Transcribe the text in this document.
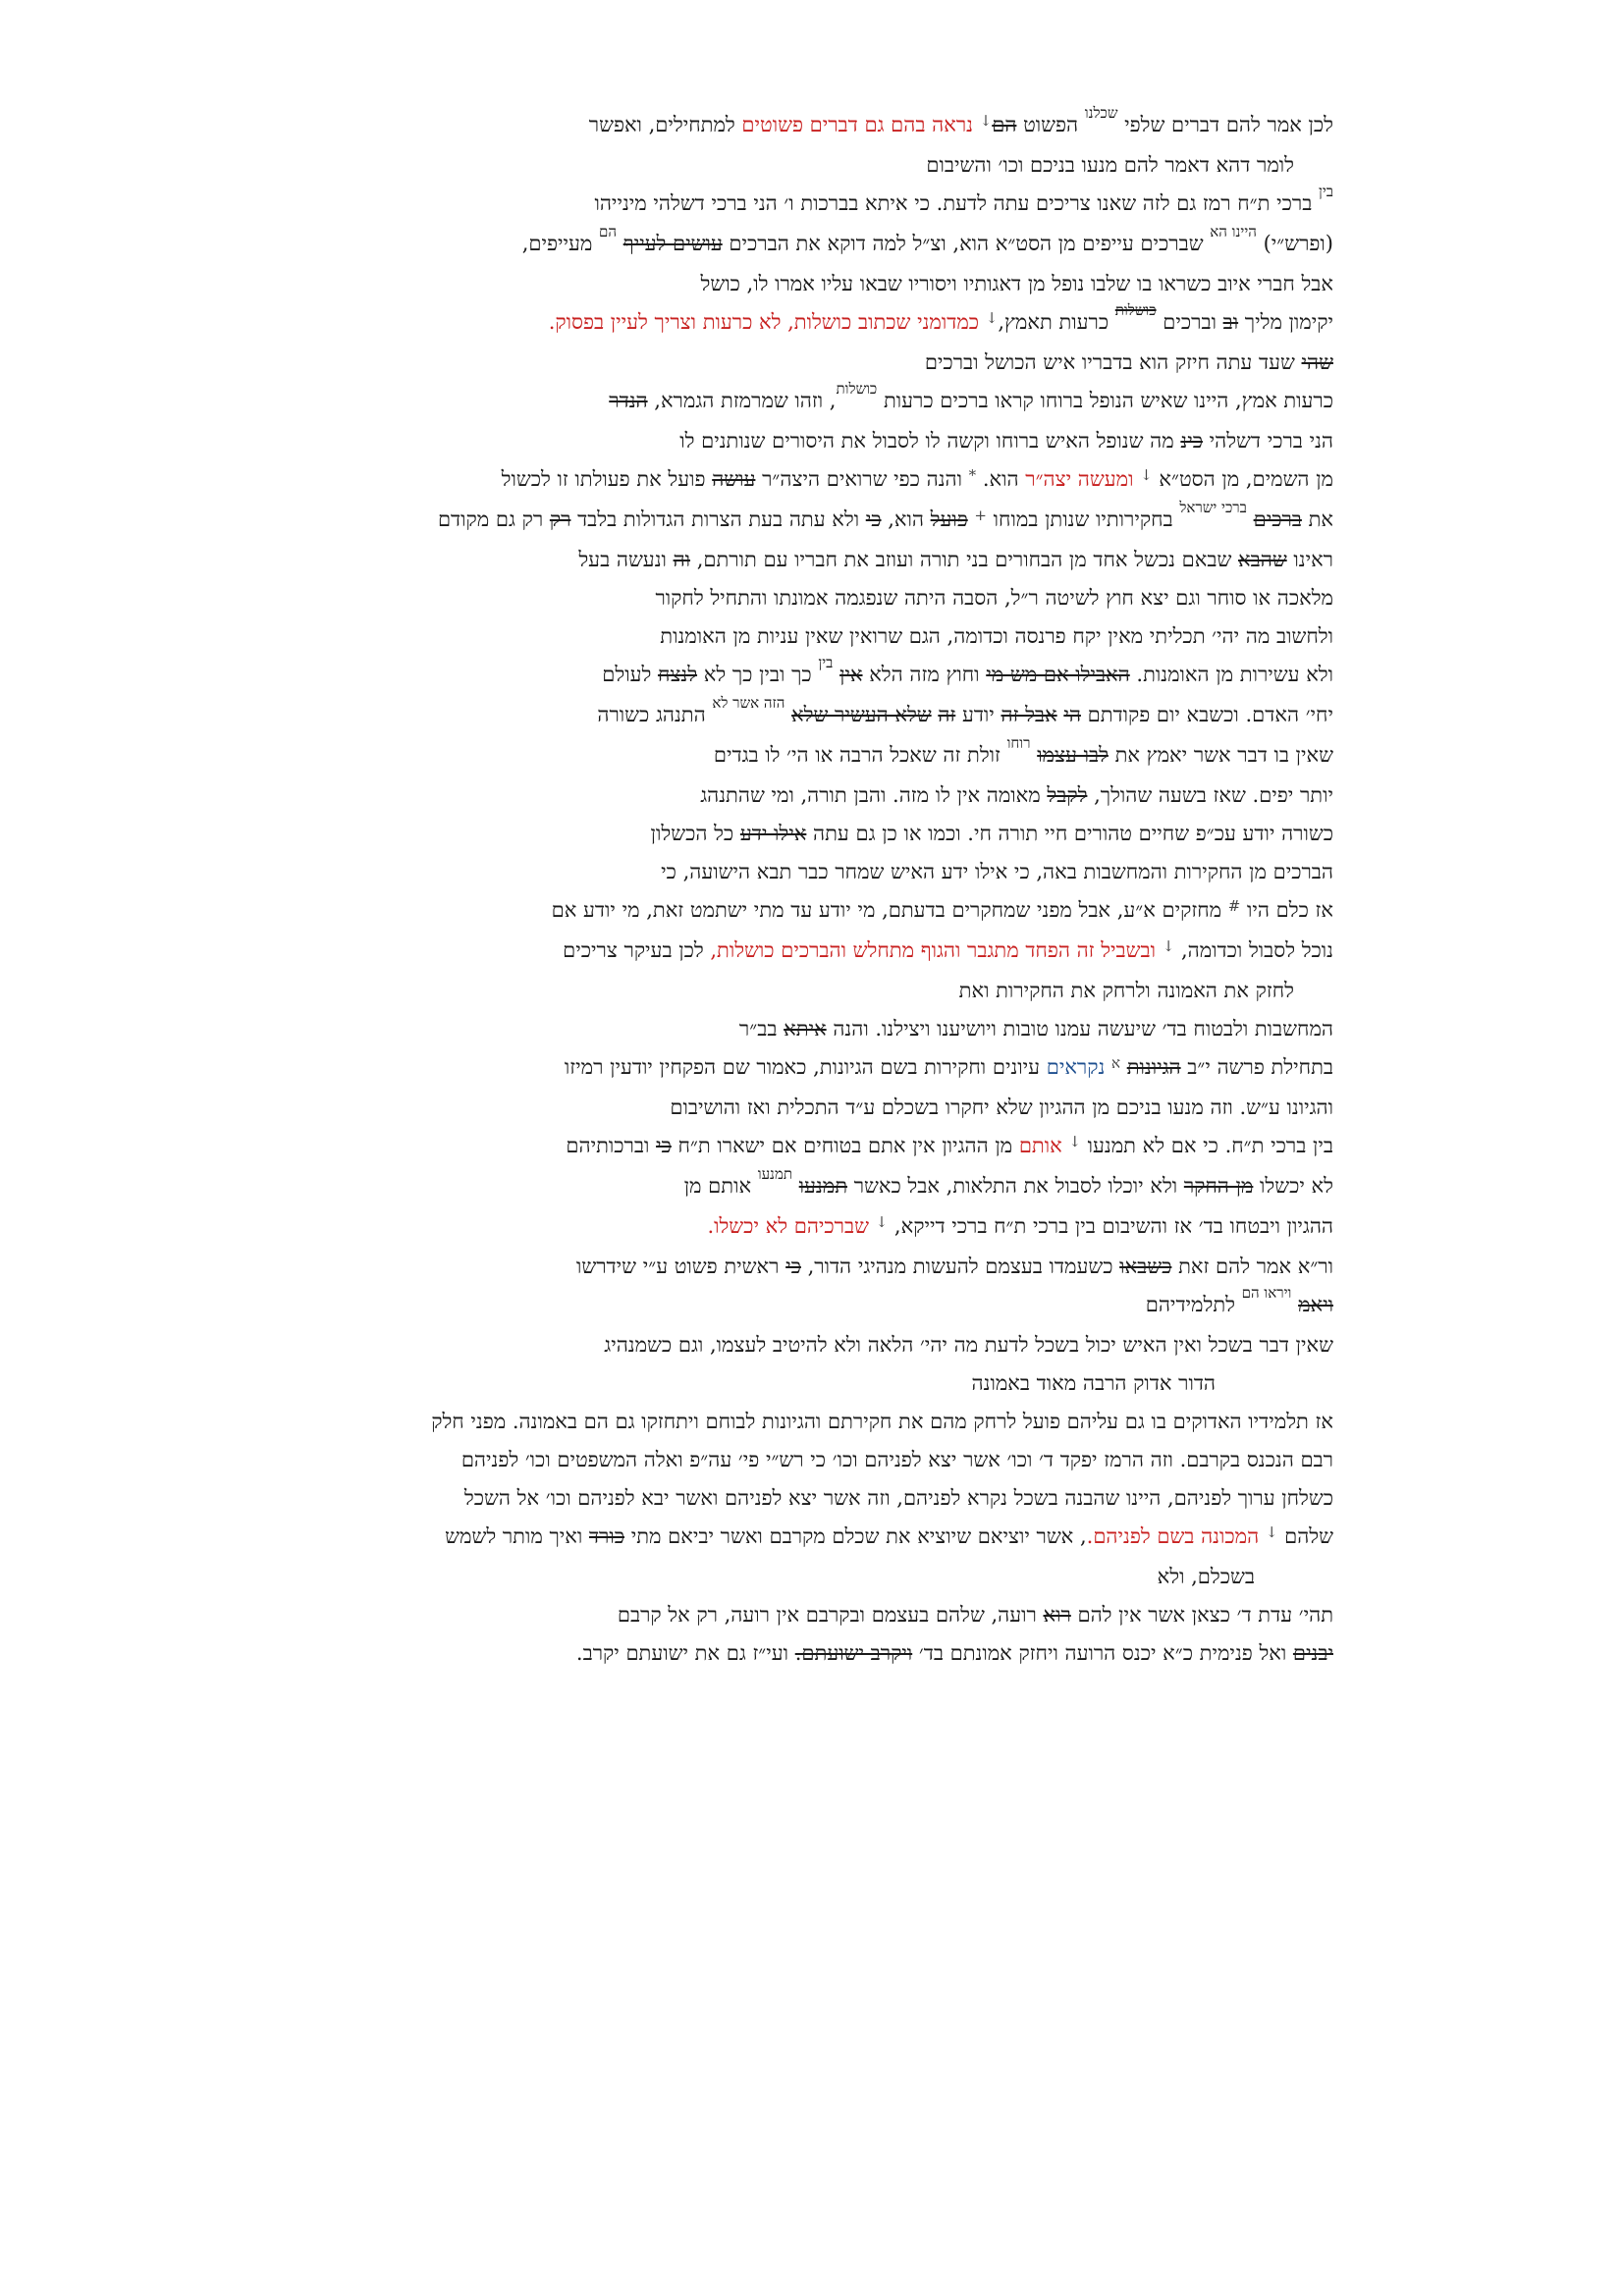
לכן אמר להם דברים שלפי $^{שכלנו}$ הפשוט הם↓ נראה בהם גם דברים פשוטים למתחילים, ואפשר
לומר דהא דאמר להם מנעו בניכם וכו׳ והשיבום
$^{בין}$ ברכי ת״ח רמז גם לזה שאנו צריכים עתה לדעת. כי איתא בברכות ו׳ הני ברכי דשלהי מינייהו
(ופרש״י) $^{היינו הא}$ שברכים עייפים מן הסט״א הוא, וצ״ל למה דוקא את הברכים עושים לעייף $^{הם}$ מעייפים,
אבל חברי איוב כשראו בו שלבו נופל מן דאגותיו ויסוריו שבאו עליו אמרו לו, כושל
יקימון מליך וב וברכים $^{כושלות}$ כרעות תאמץ,↓ כמדומני שכתוב כושלות, לא כרעות וצריך לעיין בפסוק.
שהי שעד עתה חיזק הוא בדבריו איש הכושל וברכים
כרעות אמץ, היינו שאיש הנופל ברוחו קראו ברכים כרעות $^{כושלות}$, וזהו שמרמזת הגמרא, הנדר
הני ברכי דשלהי כינ מה שנופל האיש ברוחו וקשה לו לסבול את היסורים שנותנים לו
מן השמים, מן הסט״א ↓ ומעשה יצה״ר הוא. * והנה כפי שרואים היצה״ר עושה פועל את פעולתו זו לכשול
את ברכים $^{ברכי ישראל}$ בחקירותיו שנותן במוחו + פועל הוא, כי ולא עתה בעת הצרות הגדולות בלבד רק רק גם מקודם
ראינו שהבא שבאם נכשל אחד מן הבחורים בני תורה ועוזב את חבריו עם תורתם, וה ונעשה בעל
מלאכה או סוחר וגם יצא חוץ לשיטה ר״ל, הסבה היתה שנפגמה אמונתו והתחיל לחקור
ולחשוב מה יהי׳ תכליתי מאין יקח פרנסה וכדומה, הגם שרואין שאין עניות מן האומנות
ולא עשירות מן האומנות. האבילו אם מש מי וחוץ מזה הלא אין $^{בין}$ כך ובין כך לא לנצח לעולם
יחי׳ האדם. וכשבא יום פקודתם הי אבל זה יודע זה שלא העשיר שלא $^{הזה אשר לא}$ התנהג כשורה
שאין בו דבר אשר יאמץ את לבו עצמו $^{רוחו}$ זולת זה שאכל הרבה או הי׳ לו בגדים
יותר יפים. שאז בשעה שהולך, לקבל מאומה אין לו מזה. והבן תורה, ומי שהתנהג
כשורה יודע עכ״פ שחיים טהורים חיי תורה חי. וכמו או כן גם עתה אילו ידע כל הכשלון
הברכים מן החקירות והמחשבות באה, כי אילו ידע האיש שמחר כבר תבא הישועה, כי
אז כלם היו # מחזקים א״ע, אבל מפני שמחקרים בדעתם, מי יודע עד מתי ישתמט זאת, מי יודע אם
נוכל לסבול וכדומה, ↓ ובשביל זה הפחד מתגבר והגוף מתחלש והברכים כושלות, לכן בעיקר צריכים
לחזק את האמונה ולרחק את החקירות ואת
המחשבות ולבטוח בד׳ שיעשה עמנו טובות ויושיענו ויצילנו. והנה איתא בב״ר
בתחילת פרשה י״ב הגיונות $^א$ נקראים עיונים וחקירות בשם הגיונות, כאמור שם הפקחין יודעין רמיזו
והגיונו ע״ש. וזה מנעו בניכם מן ההגיון שלא יחקרו בשכלם ע״ד התכלית ואז והושיבום
בין ברכי ת״ח. כי אם לא תמנעו ↓ אותם מן ההגיון אין אתם בטוחים אם ישארו ת״ח כי וברכותיהם
לא יכשלו מן החקר ולא יוכלו לסבול את התלאות, אבל כאשר תמנעו $^{תמנעו}$ אותם מן
ההגיון ויבטחו בד׳ אז והשיבום בין ברכי ת״ח ברכי דייקא, ↓ שברכיהם לא יכשלו.
ור״א אמר להם זאת כשבאו כשעמדו בעצמם להעשות מנהיגי הדור, כי ראשית פשוט ע״י שידרשו
ויאמ $^{ויראו הם}$ לתלמידיהם
שאין דבר בשכל ואין האיש יכול בשכל לדעת מה יהי׳ הלאה ולא להיטיב לעצמו, וגם כשמנהיג
הדור אדוק הרבה מאוד באמונה
אז תלמידיו האדוקים בו גם עליהם פועל לרחק מהם את חקירתם והגיונות לבוחם ויתחזקו גם הם באמונה. מפני חלק
רבם הנכנס בקרבם. וזה הרמז יפקד ד׳ וכו׳ אשר יצא לפניהם וכו׳ כי רש״י פי׳ עה״פ ואלה המשפטים וכו׳ לפניהם
כשלחן ערוך לפניהם, היינו שהבנה בשכל נקרא לפניהם, וזה אשר יצא לפניהם ואשר יבא לפניהם וכו׳ אל השכל
שלהם ↓ המכונה בשם לפניהם., אשר יוציאם שיוציא את שכלם מקרבם ואשר יביאם מתי כורד ואיך מותר לשמש
בשכלם, ולא
תהי׳ עדת ד׳ כצאן אשר אין להם רוא רועה, שלהם בעצמם ובקרבם אין רועה, רק אל קרבם
יבנים ואל פנימית כ״א יכנס הרועה ויחזק אמונתם בד׳ ויקרב ישועתם. ועי״ז גם את ישועתם יקרב.
